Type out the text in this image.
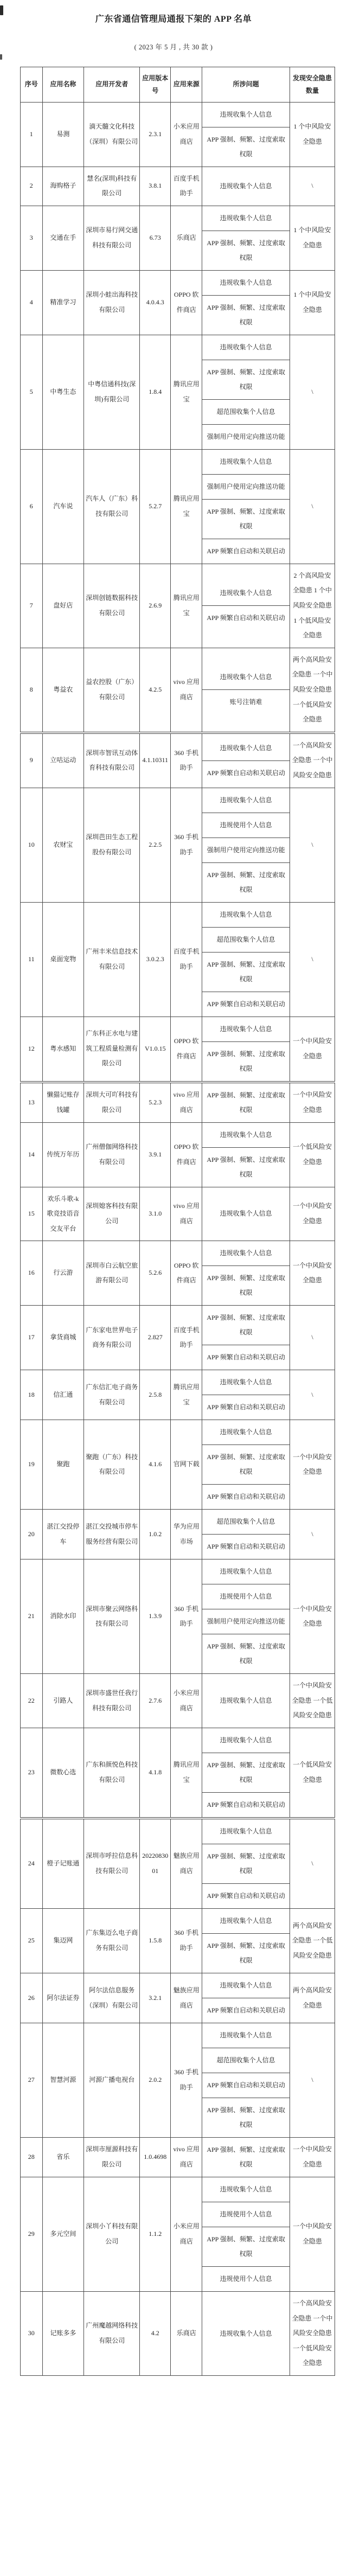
广东省通信管理局通报下架的 APP 名单
( 2023 年 5 月 , 共 30 款 )
序号	应用名称	应用开发者	应用版本号	应用来源	所涉问题	发现安全隐患数量
1	易测	滴天髓文化科技（深圳）有限公司	2.3.1	小米应用商店	违规收集个人信息
APP 强制、频繁、过度索取权限	1 个中风险安全隐患
2	海购格子	慧名(深圳)科技有限公司	3.8.1	百度手机助手	违规收集个人信息	\
3	交通在手	深圳市易行网交通科技有限公司	6.73	乐商店	违规收集个人信息
APP 强制、频繁、过度索取权限	1 个中风险安全隐患
4	精准学习	深圳小蛙出海科技有限公司	4.0.4.3	OPPO 软件商店	违规收集个人信息
APP 强制、频繁、过度索取权限	1 个中风险安全隐患
5	中粤生态	中粤信通科技(深圳)有限公司	1.8.4	腾讯应用宝	违规收集个人信息
APP 强制、频繁、过度索取权限
超范围收集个人信息
强制用户使用定向推送功能	\
6	汽车说	汽车人（广东）科技有限公司	5.2.7	腾讯应用宝	违规收集个人信息
强制用户使用定向推送功能
APP 强制、频繁、过度索取权限
APP 频繁自启动和关联启动	\
7	盘好店	深圳创链数据科技有限公司	2.6.9	腾讯应用宝	违规收集个人信息
APP 频繁自启动和关联启动	2 个高风险安全隐患 1 个中风险安全隐患 1 个低风险安全隐患
8	粤益农	益农控股（广东）有限公司	4.2.5	vivo 应用商店	违规收集个人信息
账号注销难	两个高风险安全隐患 一个中风险安全隐患 一个低风险安全隐患
9	立咕运动	深圳市智讯互动体育科技有限公司	4.1.10311	360 手机助手	违规收集个人信息
APP 频繁自启动和关联启动	一个高风险安全隐患 一个中风险安全隐患
10	农财宝	深圳芭田生态工程股份有限公司	2.2.5	360 手机助手	违规收集个人信息
违规使用个人信息
强制用户使用定向推送功能
APP 强制、频繁、过度索取权限	\
11	桌面宠物	广州丰米信息技术有限公司	3.0.2.3	百度手机助手	违规收集个人信息
超范围收集个人信息
APP 强制、频繁、过度索取权限
APP 频繁自启动和关联启动	\
12	粤水感知	广东科正水电与建筑工程质量检测有限公司	V1.0.15	OPPO 软件商店	违规收集个人信息
APP 强制、频繁、过度索取权限	一个中风险安全隐患
13	懒猫记账存钱罐	深圳大可吖科技有限公司	5.2.3	vivo 应用商店	APP 强制、频繁、过度索取权限	一个中风险安全隐患
14	传统万年历	广州僧伽网络科技有限公司	3.9.1	OPPO 软件商店	违规收集个人信息
APP 强制、频繁、过度索取权限	一个低风险安全隐患
15	欢乐斗歌-k歌竞技语音交友平台	深圳媳客科技有限公司	3.1.0	vivo 应用商店	违规收集个人信息	一个中风险安全隐患
16	行云游	深圳市白云航空旅游有限公司	5.2.6	OPPO 软件商店	违规收集个人信息
APP 强制、频繁、过度索取权限	一个中风险安全隐患
17	拿货商城	广东家电世界电子商务有限公司	2.827	百度手机助手	APP 强制、频繁、过度索取权限
APP 频繁自启动和关联启动	\
18	信汇通	广东信汇电子商务有限公司	2.5.8	腾讯应用宝	违规收集个人信息
APP 频繁自启动和关联启动	\
19	聚跑	聚跑（广东）科技有限公司	4.1.6	官网下载	违规收集个人信息
APP 强制、频繁、过度索取权限
APP 频繁自启动和关联启动	一个中风险安全隐患
20	湛江交投停车	湛江交投城市停车服务经营有限公司	1.0.2	华为应用市场	超范围收集个人信息
APP 频繁自启动和关联启动	\
21	消除水印	深圳市聚云网络科技有限公司	1.3.9	360 手机助手	违规收集个人信息
违规使用个人信息
强制用户使用定向推送功能
APP 强制、频繁、过度索取权限	一个中风险安全隐患
22	引路人	深圳市盛世任我行科技有限公司	2.7.6	小米应用商店	违规收集个人信息	一个中风险安全隐患 一个低风险安全隐患
23	微数心选	广东和颜悦色科技有限公司	4.1.8	腾讯应用宝	违规收集个人信息
APP 强制、频繁、过度索取权限
APP 频繁自启动和关联启动	一个低风险安全隐患
24	橙子记账通	深圳市呼拉信息科技有限公司	2022083001	魅族应用商店	违规收集个人信息
APP 强制、频繁、过度索取权限
APP 频繁自启动和关联启动	\
25	集迈网	广东集迈么电子商务有限公司	1.5.8	360 手机助手	违规收集个人信息
APP 强制、频繁、过度索取权限	两个高风险安全隐患 一个低风险安全隐患
26	阿尔法证券	阿尔法信息服务（深圳）有限公司	3.2.1	魅族应用商店	违规收集个人信息
APP 频繁自启动和关联启动	两个高风险安全隐患
27	智慧河源	河源广播电视台	2.0.2	360 手机助手	违规收集个人信息
超范围收集个人信息
APP 频繁自启动和关联启动
APP 强制、频繁、过度索取权限	\
28	省乐	深圳市厘源科技有限公司	1.0.4698	vivo 应用商店	APP 强制、频繁、过度索取权限	一个中风险安全隐患
29	多元空间	深圳小丫科技有限公司	1.1.2	小米应用商店	违规收集个人信息
违规使用个人信息
APP 强制、频繁、过度索取权限
违规使用个人信息	一个中风险安全隐患
30	记账多多	广州魔越网络科技有限公司	4.2	乐商店	违规收集个人信息	一个高风险安全隐患 一个中风险安全隐患 一个低风险安全隐患
